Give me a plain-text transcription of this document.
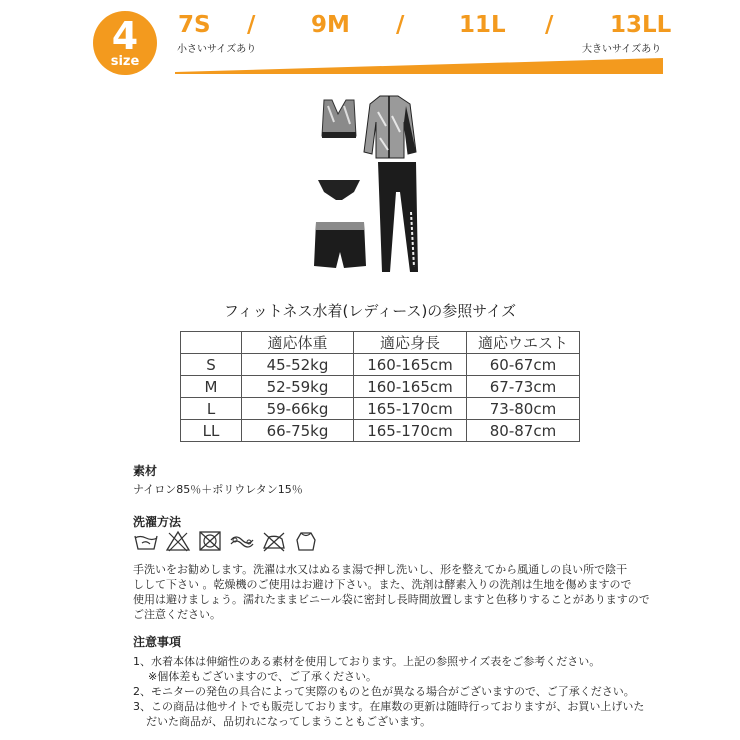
4
size
7S / 9M / 11L / 13LL
小さいサイズあり	大きいサイズあり
フィットネス水着(レディース)の参照サイズ
	適応体重	適応身長	適応ウエスト
S	45-52kg	160-165cm	60-67cm
M	52-59kg	160-165cm	67-73cm
L	59-66kg	165-170cm	73-80cm
LL	66-75kg	165-170cm	80-87cm
素材
ナイロン85％＋ポリウレタン15％
洗濯方法
手洗いをお勧めします。洗濯は水又はぬるま湯で押し洗いし、形を整えてから風通しの良い所で陰干
しして下さい 。乾燥機のご使用はお避け下さい。また、洗剤は酵素入りの洗剤は生地を傷めますので
使用は避けましょう。濡れたままビニール袋に密封し長時間放置しますと色移りすることがありますので
ご注意ください。
注意事項
1、水着本体は伸縮性のある素材を使用しております。上記の参照サイズ表をご参考ください。
※個体差もございますので、ご了承ください。
2、モニターの発色の具合によって実際のものと色が異なる場合がございますので、ご了承ください。
3、この商品は他サイトでも販売しております。在庫数の更新は随時行っておりますが、お買い上げいた
だいた商品が、品切れになってしまうこともございます。
